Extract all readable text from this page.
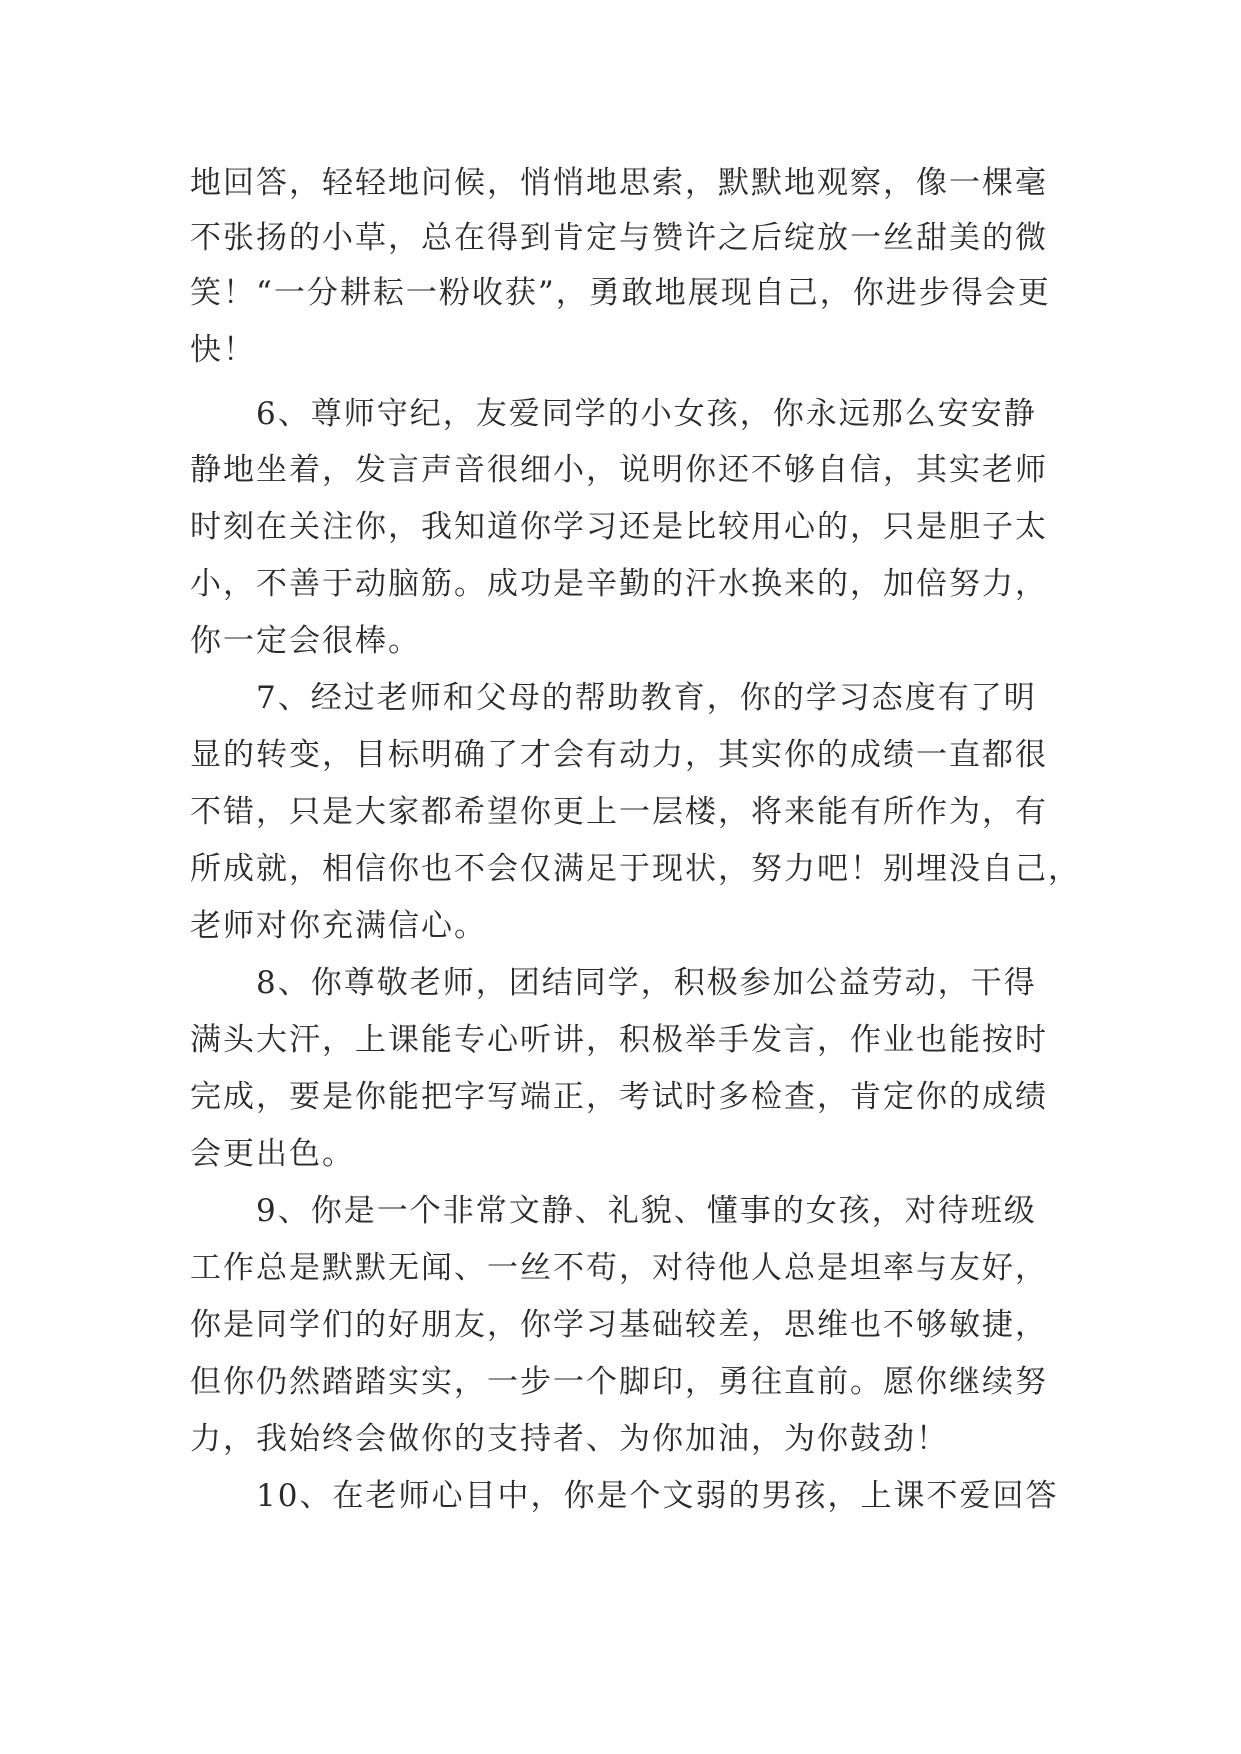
地回答，轻轻地问候，悄悄地思索，默默地观察，像一棵毫

不张扬的小草，总在得到肯定与赞许之后绽放一丝甜美的微

笑！“一分耕耘一粉收获”，勇敢地展现自己，你进步得会更

快！

　　6、尊师守纪，友爱同学的小女孩，你永远那么安安静

静地坐着，发言声音很细小，说明你还不够自信，其实老师

时刻在关注你，我知道你学习还是比较用心的，只是胆子太

小，不善于动脑筋。成功是辛勤的汗水换来的，加倍努力，

你一定会很棒。

　　7、经过老师和父母的帮助教育，你的学习态度有了明

显的转变，目标明确了才会有动力，其实你的成绩一直都很

不错，只是大家都希望你更上一层楼，将来能有所作为，有

所成就，相信你也不会仅满足于现状，努力吧！别埋没自己，

老师对你充满信心。

　　8、你尊敬老师，团结同学，积极参加公益劳动，干得

满头大汗，上课能专心听讲，积极举手发言，作业也能按时

完成，要是你能把字写端正，考试时多检查，肯定你的成绩

会更出色。

　　9、你是一个非常文静、礼貌、懂事的女孩，对待班级

工作总是默默无闻、一丝不苟，对待他人总是坦率与友好，

你是同学们的好朋友，你学习基础较差，思维也不够敏捷，

但你仍然踏踏实实，一步一个脚印，勇往直前。愿你继续努

力，我始终会做你的支持者、为你加油，为你鼓劲！

　　10、在老师心目中，你是个文弱的男孩，上课不爱回答
